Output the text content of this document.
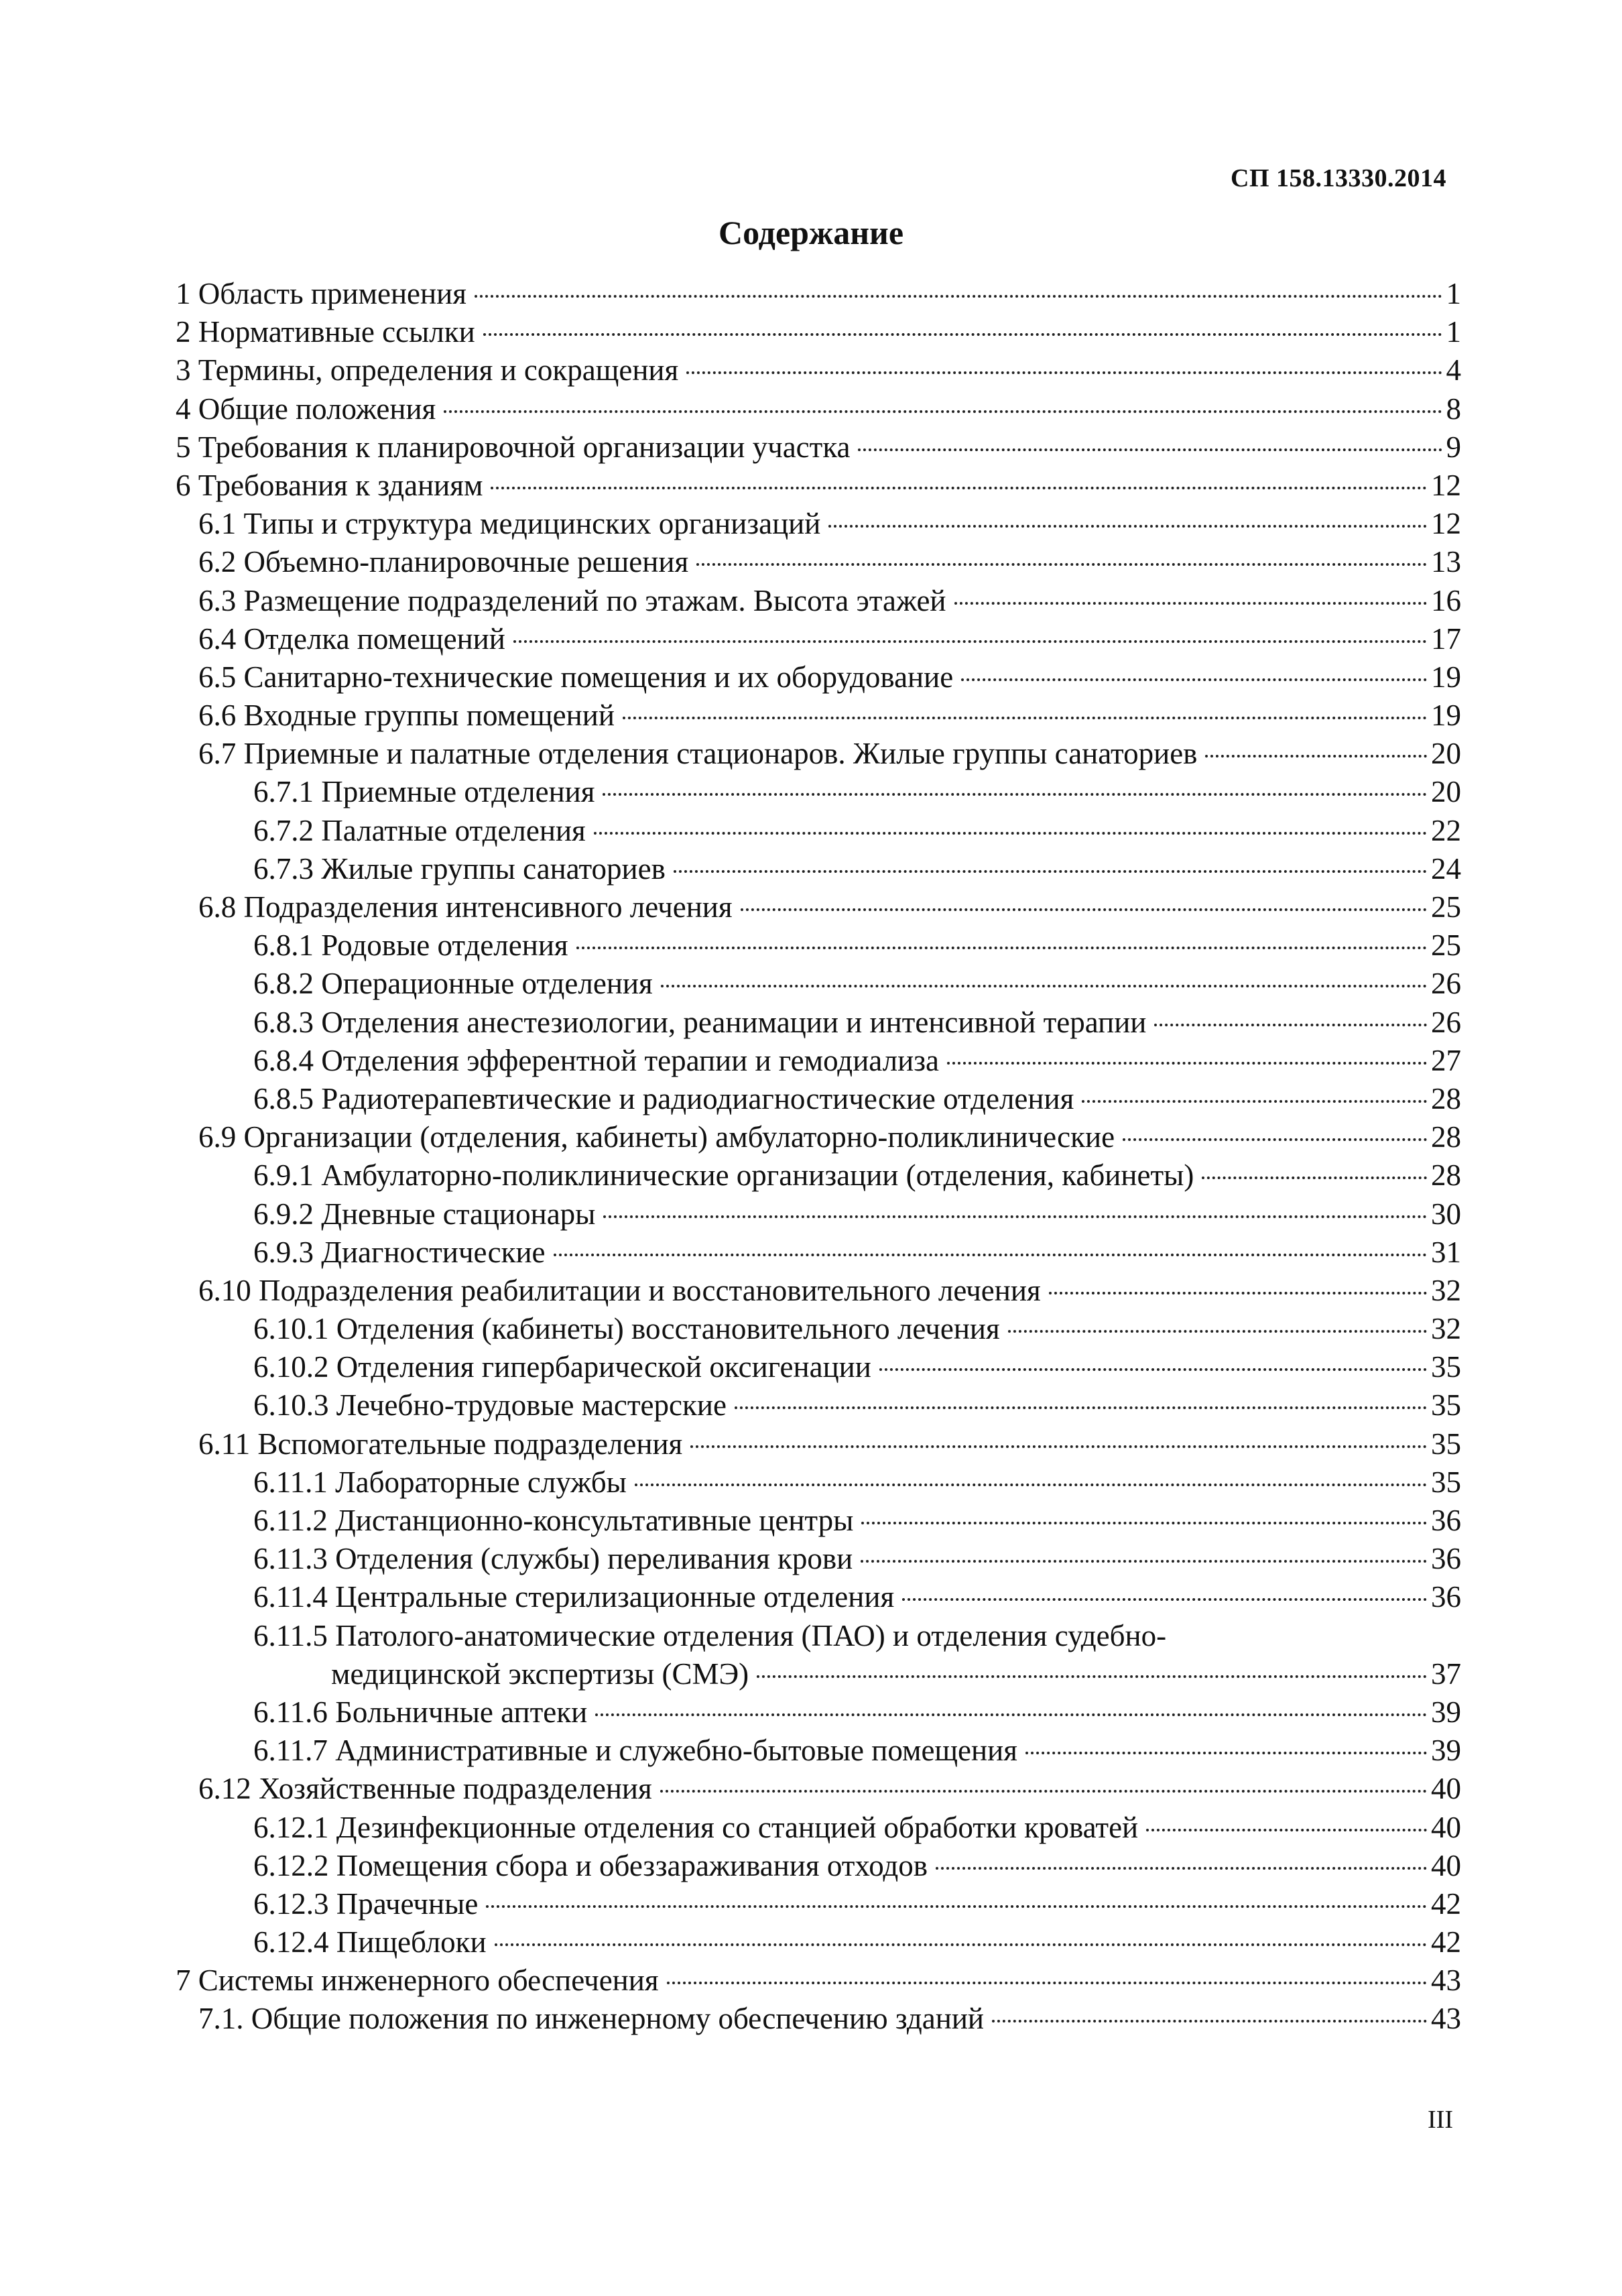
СП 158.13330.2014
Содержание
1 Область применения	1
2 Нормативные ссылки	1
3 Термины, определения и сокращения	4
4 Общие положения	8
5 Требования к планировочной организации участка	9
6 Требования к зданиям	12
6.1 Типы и структура медицинских организаций	12
6.2 Объемно-планировочные решения	13
6.3 Размещение подразделений по этажам. Высота этажей	16
6.4 Отделка помещений	17
6.5 Санитарно-технические помещения и их оборудование	19
6.6 Входные группы помещений	19
6.7 Приемные и палатные отделения стационаров. Жилые группы санаториев	20
6.7.1 Приемные отделения	20
6.7.2 Палатные отделения	22
6.7.3 Жилые группы санаториев	24
6.8 Подразделения интенсивного лечения	25
6.8.1 Родовые отделения	25
6.8.2 Операционные отделения	26
6.8.3 Отделения анестезиологии, реанимации и интенсивной терапии	26
6.8.4 Отделения эфферентной терапии и гемодиализа	27
6.8.5 Радиотерапевтические и радиодиагностические отделения	28
6.9 Организации (отделения, кабинеты) амбулаторно-поликлинические	28
6.9.1 Амбулаторно-поликлинические организации (отделения, кабинеты)	28
6.9.2 Дневные стационары	30
6.9.3 Диагностические	31
6.10 Подразделения реабилитации и восстановительного лечения	32
6.10.1 Отделения (кабинеты) восстановительного лечения	32
6.10.2 Отделения гипербарической оксигенации	35
6.10.3 Лечебно-трудовые мастерские	35
6.11 Вспомогательные подразделения	35
6.11.1 Лабораторные службы	35
6.11.2 Дистанционно-консультативные центры	36
6.11.3 Отделения (службы) переливания крови	36
6.11.4 Центральные стерилизационные отделения	36
6.11.5 Патолого-анатомические отделения (ПАО) и отделения судебно-
медицинской экспертизы (СМЭ)	37
6.11.6 Больничные аптеки	39
6.11.7 Административные и служебно-бытовые помещения	39
6.12 Хозяйственные подразделения	40
6.12.1 Дезинфекционные отделения со станцией обработки кроватей	40
6.12.2 Помещения сбора и обеззараживания отходов	40
6.12.3 Прачечные	42
6.12.4 Пищеблоки	42
7 Системы инженерного обеспечения	43
7.1. Общие положения по инженерному обеспечению зданий	43
III
